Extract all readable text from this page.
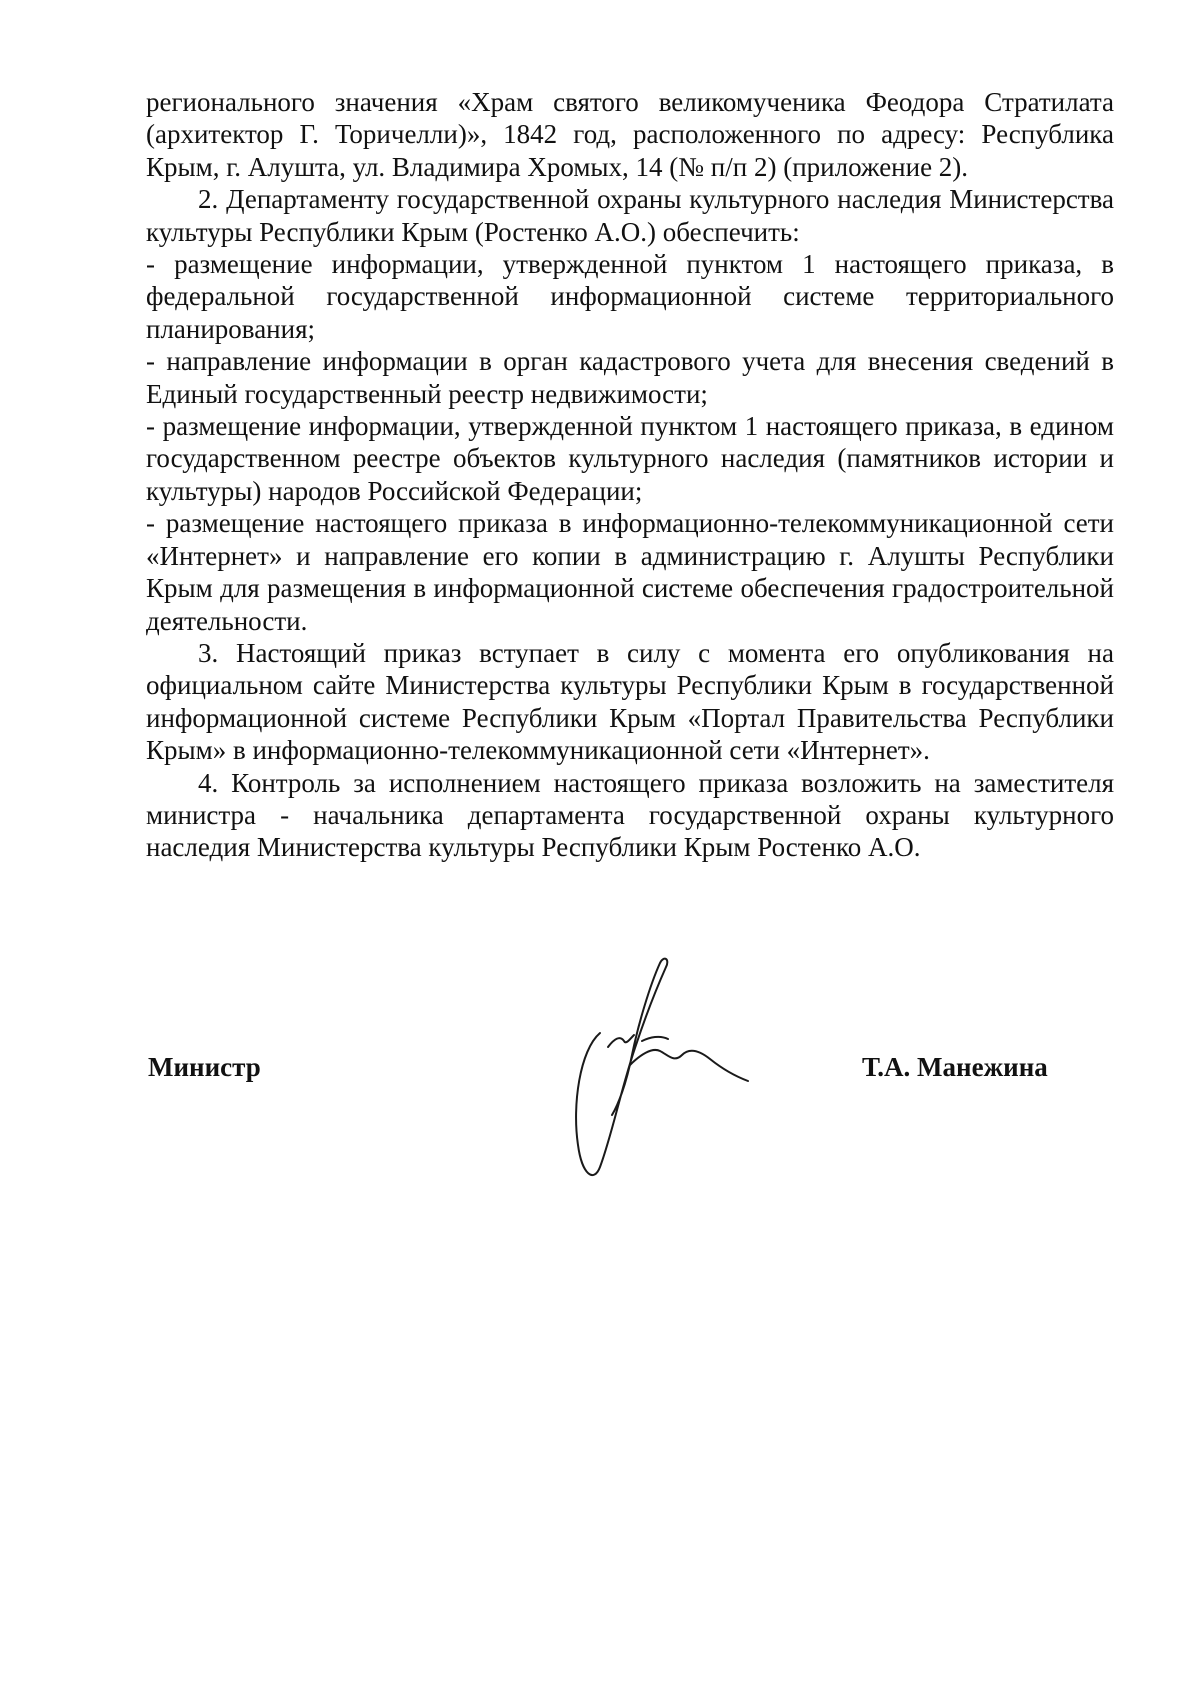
регионального значения «Храм святого великомученика Феодора Стратилата (архитектор Г. Торичелли)», 1842 год, расположенного по адресу: Республика Крым, г. Алушта, ул. Владимира Хромых, 14 (№ п/п 2) (приложение 2).

2. Департаменту государственной охраны культурного наследия Министерства культуры Республики Крым (Ростенко А.О.) обеспечить:

- размещение информации, утвержденной пунктом 1 настоящего приказа, в федеральной государственной информационной системе территориального планирования;

- направление информации в орган кадастрового учета для внесения сведений в Единый государственный реестр недвижимости;

- размещение информации, утвержденной пунктом 1 настоящего приказа, в едином государственном реестре объектов культурного наследия (памятников истории и культуры) народов Российской Федерации;

- размещение настоящего приказа в информационно-телекоммуникационной сети «Интернет» и направление его копии в администрацию г. Алушты Республики Крым для размещения в информационной системе обеспечения градостроительной деятельности.

3. Настоящий приказ вступает в силу с момента его опубликования на официальном сайте Министерства культуры Республики Крым в государственной информационной системе Республики Крым «Портал Правительства Республики Крым» в информационно-телекоммуникационной сети «Интернет».

4. Контроль за исполнением настоящего приказа возложить на заместителя министра - начальника департамента государственной охраны культурного наследия Министерства культуры Республики Крым Ростенко А.О.

Министр	Т.А. Манежина
